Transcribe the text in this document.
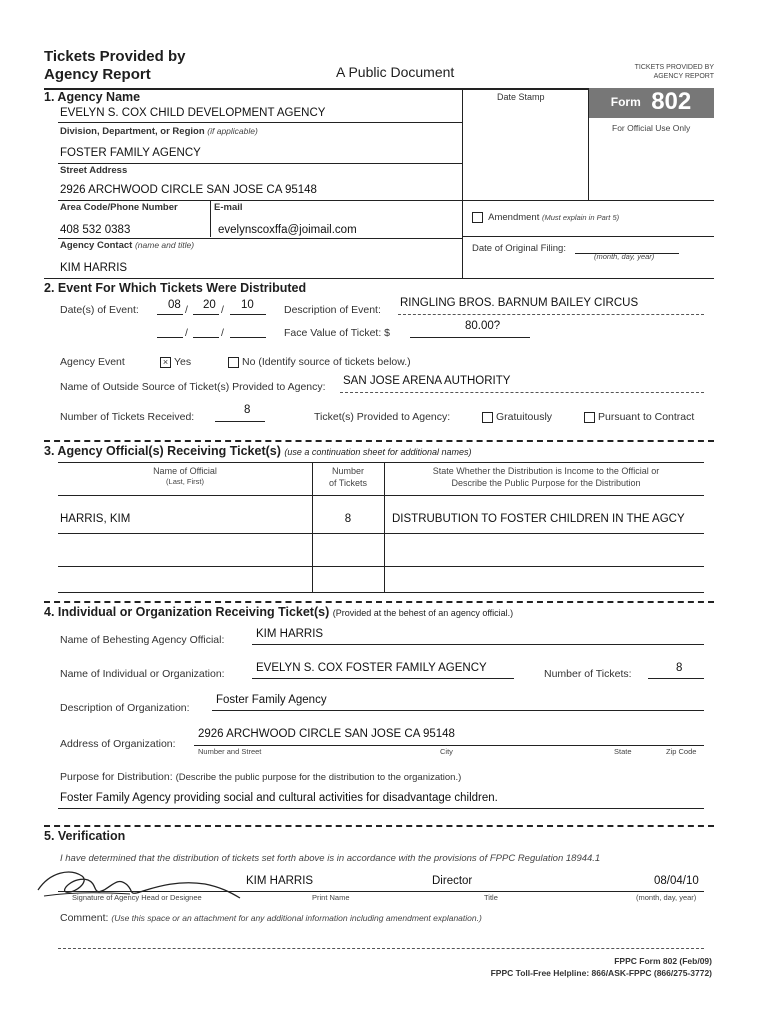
Tickets Provided by
Agency Report	A Public Document	TICKETS PROVIDED BY
AGENCY REPORT
1. Agency Name
EVELYN S. COX CHILD DEVELOPMENT AGENCY
Division, Department, or Region (if applicable)
FOSTER FAMILY AGENCY
Street Address
2926 ARCHWOOD CIRCLE SAN JOSE CA 95148
Area Code/Phone Number	E-mail
408 532 0383	evelynscoxffa@joimail.com
Agency Contact (name and title)
KIM HARRIS
Date Stamp	Form 802
For Official Use Only
Amendment (Must explain in Part 5)
Date of Original Filing:
(month, day, year)
2. Event For Which Tickets Were Distributed
Date(s) of Event:	08 20 10
/	/	Description of Event:
RINGLING BROS. BARNUM BAILEY CIRCUS
/	/	Face Value of Ticket: $
80.00?
Agency Event	× Yes	No (Identify source of tickets below.)
Name of Outside Source of Ticket(s) Provided to Agency: SAN JOSE ARENA AUTHORITY
Number of Tickets Received:
8
Ticket(s) Provided to Agency:	Gratuitously	Pursuant to Contract
3. Agency Official(s) Receiving Ticket(s) (use a continuation sheet for additional names)
Name of Official
(Last, First)
Number
of Tickets
State Whether the Distribution is Income to the Official or
Describe the Public Purpose for the Distribution
HARRIS, KIM	8	DISTRUBUTION TO FOSTER CHILDREN IN THE AGCY
4. Individual or Organization Receiving Ticket(s) (Provided at the behest of an agency official.)
Name of Behesting Agency Official:	KIM HARRIS
Name of Individual or Organization:	EVELYN S. COX FOSTER FAMILY AGENCY	Number of Tickets:	8
Description of Organization:
Foster Family Agency
Address of Organization:
2926 ARCHWOOD CIRCLE SAN JOSE CA 95148
Number and Street	City	State	Zip Code
Purpose for Distribution: (Describe the public purpose for the distribution to the organization.)
Foster Family Agency providing social and cultural activities for disadvantage children.
5. Verification
I have determined that the distribution of tickets set forth above is in accordance with the provisions of FPPC Regulation 18944.1
KIM HARRIS	Director	08/04/10
Signature of Agency Head or Designee	Print Name	Title	(month, day, year)
Comment: (Use this space or an attachment for any additional information including amendment explanation.)
FPPC Form 802 (Feb/09)
FPPC Toll-Free Helpline: 866/ASK-FPPC (866/275-3772)
